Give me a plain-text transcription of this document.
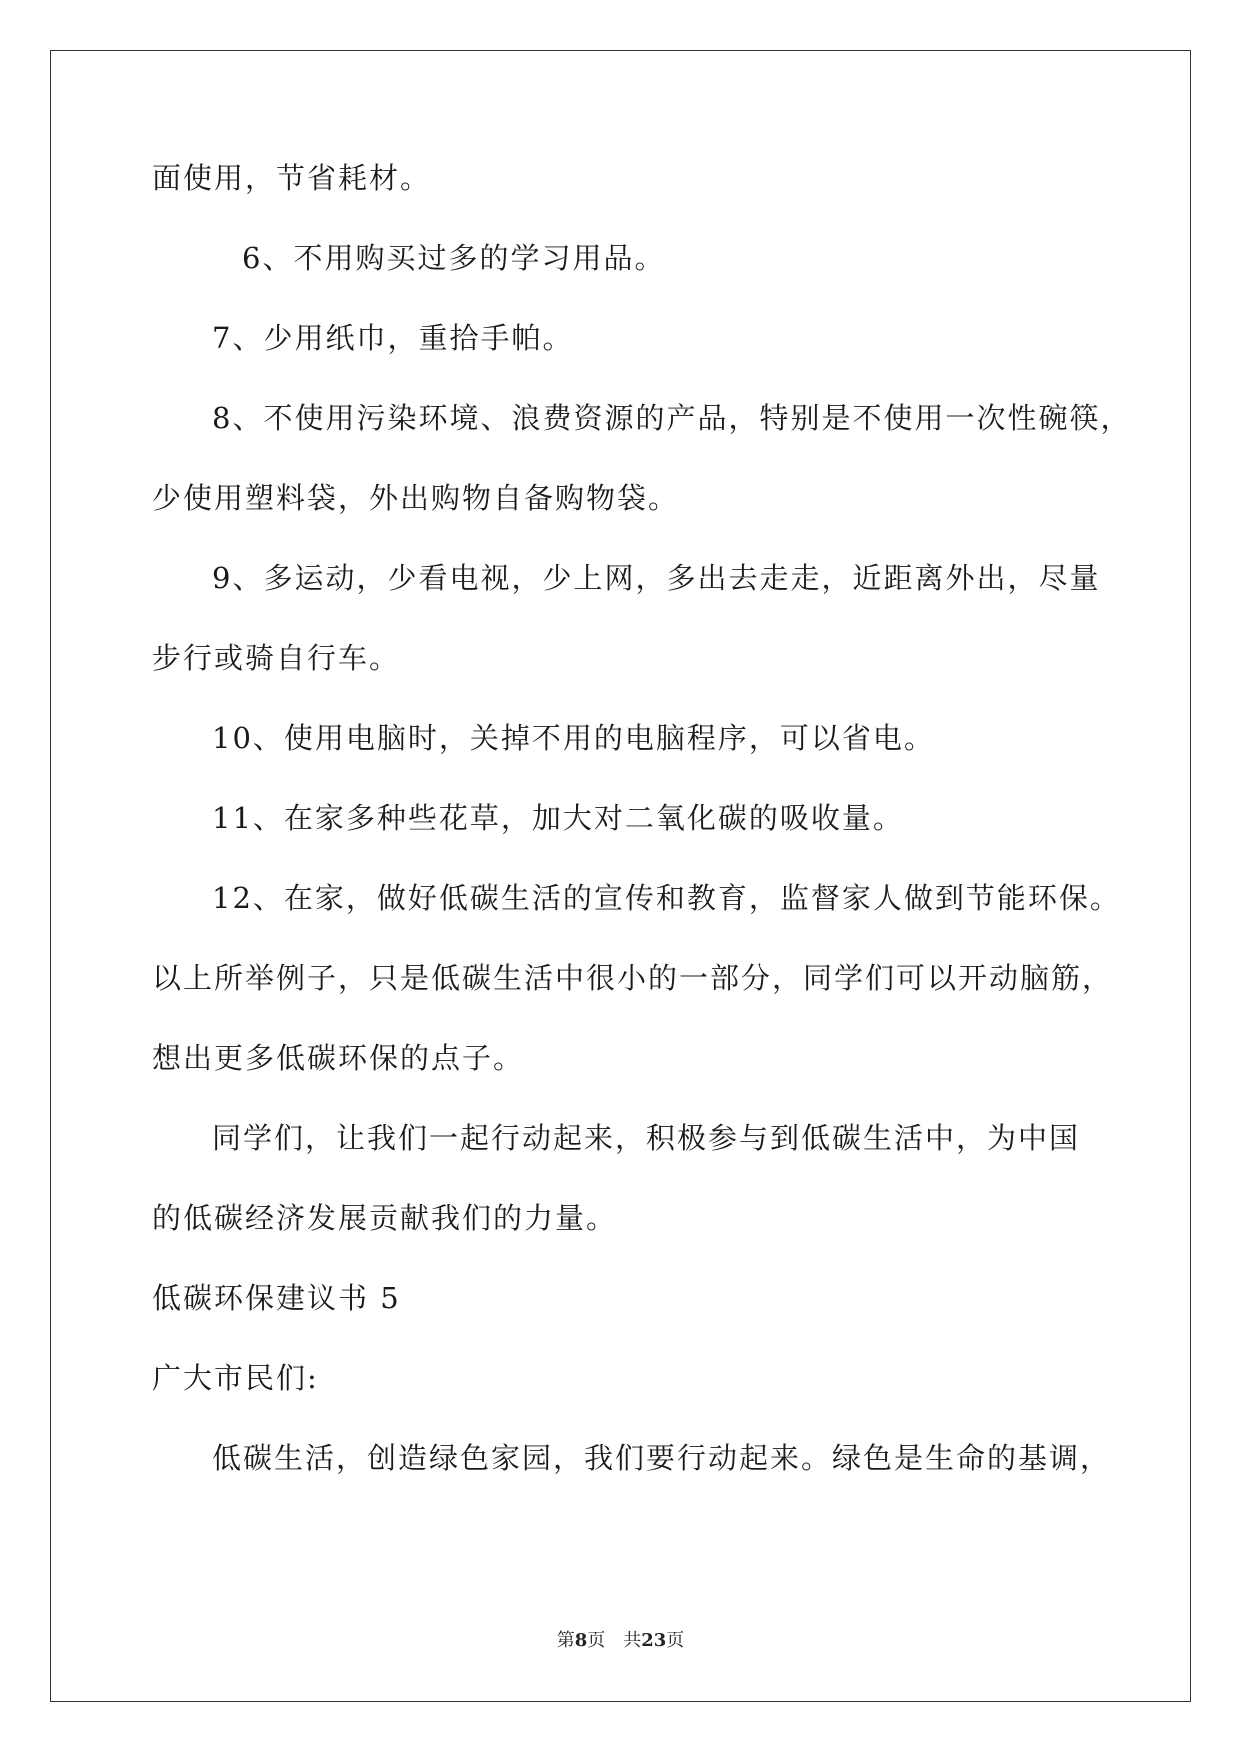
面使用，节省耗材。
6、不用购买过多的学习用品。
7、少用纸巾，重拾手帕。
8、不使用污染环境、浪费资源的产品，特别是不使用一次性碗筷，
少使用塑料袋，外出购物自备购物袋。
9、多运动，少看电视，少上网，多出去走走，近距离外出，尽量
步行或骑自行车。
10、使用电脑时，关掉不用的电脑程序，可以省电。
11、在家多种些花草，加大对二氧化碳的吸收量。
12、在家，做好低碳生活的宣传和教育，监督家人做到节能环保。
以上所举例子，只是低碳生活中很小的一部分，同学们可以开动脑筋，
想出更多低碳环保的点子。
同学们，让我们一起行动起来，积极参与到低碳生活中，为中国
的低碳经济发展贡献我们的力量。
低碳环保建议书 5
广大市民们:
低碳生活，创造绿色家园，我们要行动起来。绿色是生命的基调，
第8页 共23页
